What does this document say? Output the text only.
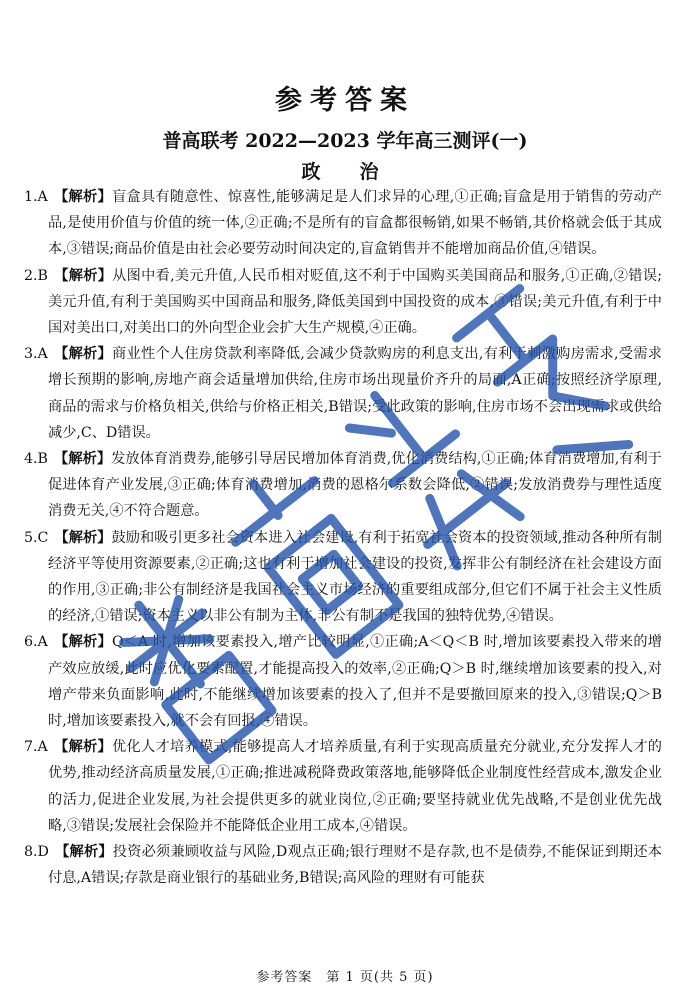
参考答案
普高联考 2022—2023 学年高三测评(一)
政　治

1.A 【解析】盲盒具有随意性、惊喜性,能够满足是人们求异的心理,①正确;盲盒是用于销售的劳动产品,是使用价值与价值的统一体,②正确;不是所有的盲盒都很畅销,如果不畅销,其价格就会低于其成本,③错误;商品价值是由社会必要劳动时间决定的,盲盒销售并不能增加商品价值,④错误。

2.B 【解析】从图中看,美元升值,人民币相对贬值,这不利于中国购买美国商品和服务,①正确,②错误;美元升值,有利于美国购买中国商品和服务,降低美国到中国投资的成本,③错误;美元升值,有利于中国对美出口,对美出口的外向型企业会扩大生产规模,④正确。

3.A 【解析】商业性个人住房贷款利率降低,会减少贷款购房的利息支出,有利于刺激购房需求,受需求增长预期的影响,房地产商会适量增加供给,住房市场出现量价齐升的局面,A正确;按照经济学原理,商品的需求与价格负相关,供给与价格正相关,B错误;受此政策的影响,住房市场不会出现需求或供给减少,C、D错误。

4.B 【解析】发放体育消费券,能够引导居民增加体育消费,优化消费结构,①正确;体育消费增加,有利于促进体育产业发展,③正确;体育消费增加,消费的恩格尔系数会降低,②错误;发放消费券与理性适度消费无关,④不符合题意。

5.C 【解析】鼓励和吸引更多社会资本进入社会建设,有利于拓宽社会资本的投资领域,推动各种所有制经济平等使用资源要素,②正确;这也有利于增加社会建设的投资,发挥非公有制经济在社会建设方面的作用,③正确;非公有制经济是我国社会主义市场经济的重要组成部分,但它们不属于社会主义性质的经济,①错误;资本主义以非公有制为主体,非公有制不是我国的独特优势,④错误。

6.A 【解析】Q＜A 时,增加该要素投入,增产比较明显,①正确;A＜Q＜B 时,增加该要素投入带来的增产效应放缓,此时应优化要素配置,才能提高投入的效率,②正确;Q＞B 时,继续增加该要素的投入,对增产带来负面影响,此时,不能继续增加该要素的投入了,但并不是要撤回原来的投入,③错误;Q＞B 时,增加该要素投入,就不会有回报,④错误。

7.A 【解析】优化人才培养模式,能够提高人才培养质量,有利于实现高质量充分就业,充分发挥人才的优势,推动经济高质量发展,①正确;推进减税降费政策落地,能够降低企业制度性经营成本,激发企业的活力,促进企业发展,为社会提供更多的就业岗位,②正确;要坚持就业优先战略,不是创业优先战略,③错误;发展社会保险并不能降低企业用工成本,④错误。

8.D 【解析】投资必须兼顾收益与风险,D观点正确;银行理财不是存款,也不是债券,不能保证到期还本付息,A错误;存款是商业银行的基础业务,B错误;高风险的理财有可能获

参考答案　第 1 页(共 5 页)
